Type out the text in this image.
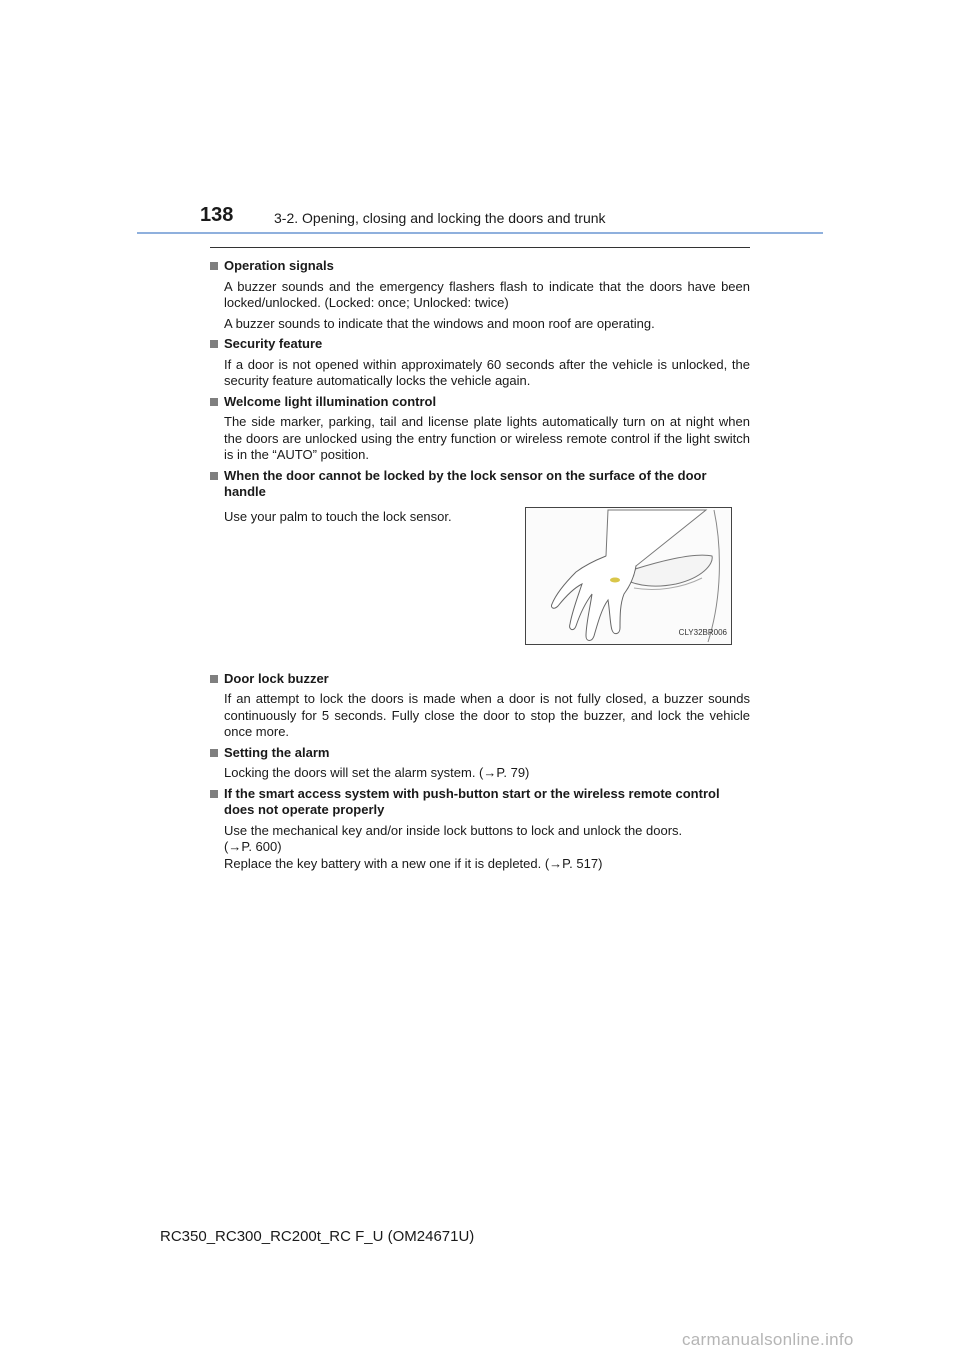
138	3-2. Opening, closing and locking the doors and trunk
Operation signals
A buzzer sounds and the emergency flashers flash to indicate that the doors have been locked/unlocked. (Locked: once; Unlocked: twice)
A buzzer sounds to indicate that the windows and moon roof are operating.
Security feature
If a door is not opened within approximately 60 seconds after the vehicle is unlocked, the security feature automatically locks the vehicle again.
Welcome light illumination control
The side marker, parking, tail and license plate lights automatically turn on at night when the doors are unlocked using the entry function or wireless remote control if the light switch is in the “AUTO” position.
When the door cannot be locked by the lock sensor on the surface of the door handle
Use your palm to touch the lock sensor.
CLY32BR006
Door lock buzzer
If an attempt to lock the doors is made when a door is not fully closed, a buzzer sounds continuously for 5 seconds. Fully close the door to stop the buzzer, and lock the vehicle once more.
Setting the alarm
Locking the doors will set the alarm system. (→P. 79)
If the smart access system with push-button start or the wireless remote control does not operate properly
Use the mechanical key and/or inside lock buttons to lock and unlock the doors.
(→P. 600)
Replace the key battery with a new one if it is depleted. (→P. 517)
RC350_RC300_RC200t_RC F_U (OM24671U)
carmanualsonline.info
